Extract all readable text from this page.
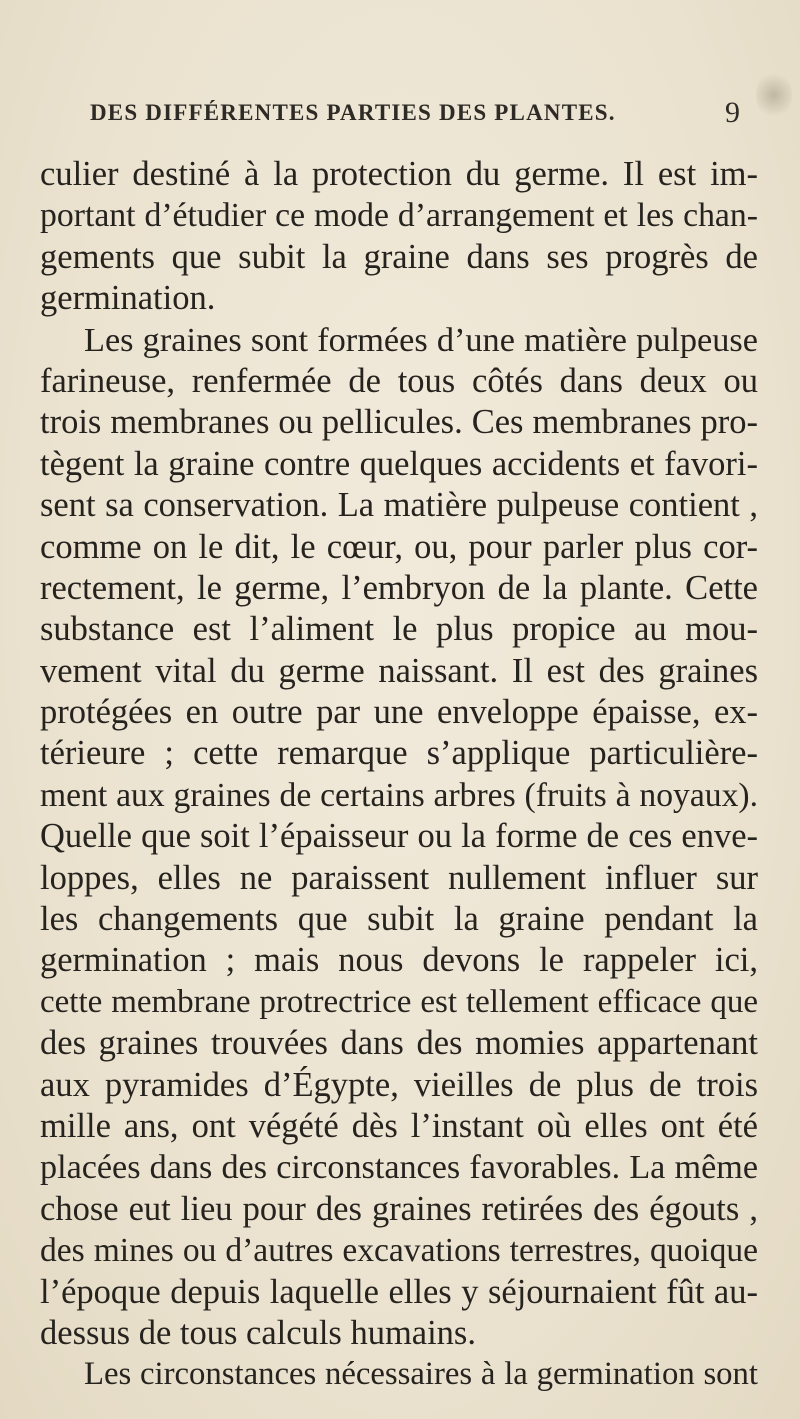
DES DIFFÉRENTES PARTIES DES PLANTES.	9
culier destiné à la protection du germe. Il est im-
portant d’étudier ce mode d’arrangement et les chan-
gements que subit la graine dans ses progrès de
germination.
Les graines sont formées d’une matière pulpeuse
farineuse, renfermée de tous côtés dans deux ou
trois membranes ou pellicules. Ces membranes pro-
tègent la graine contre quelques accidents et favori-
sent sa conservation. La matière pulpeuse contient ,
comme on le dit, le cœur, ou, pour parler plus cor-
rectement, le germe, l’embryon de la plante. Cette
substance est l’aliment le plus propice au mou-
vement vital du germe naissant. Il est des graines
protégées en outre par une enveloppe épaisse, ex-
térieure ; cette remarque s’applique particulière-
ment aux graines de certains arbres (fruits à noyaux).
Quelle que soit l’épaisseur ou la forme de ces enve-
loppes, elles ne paraissent nullement influer sur
les changements que subit la graine pendant la
germination ; mais nous devons le rappeler ici,
cette membrane protrectrice est tellement efficace que
des graines trouvées dans des momies appartenant
aux pyramides d’Égypte, vieilles de plus de trois
mille ans, ont végété dès l’instant où elles ont été
placées dans des circonstances favorables. La même
chose eut lieu pour des graines retirées des égouts ,
des mines ou d’autres excavations terrestres, quoique
l’époque depuis laquelle elles y séjournaient fût au-
dessus de tous calculs humains.
Les circonstances nécessaires à la germination sont
